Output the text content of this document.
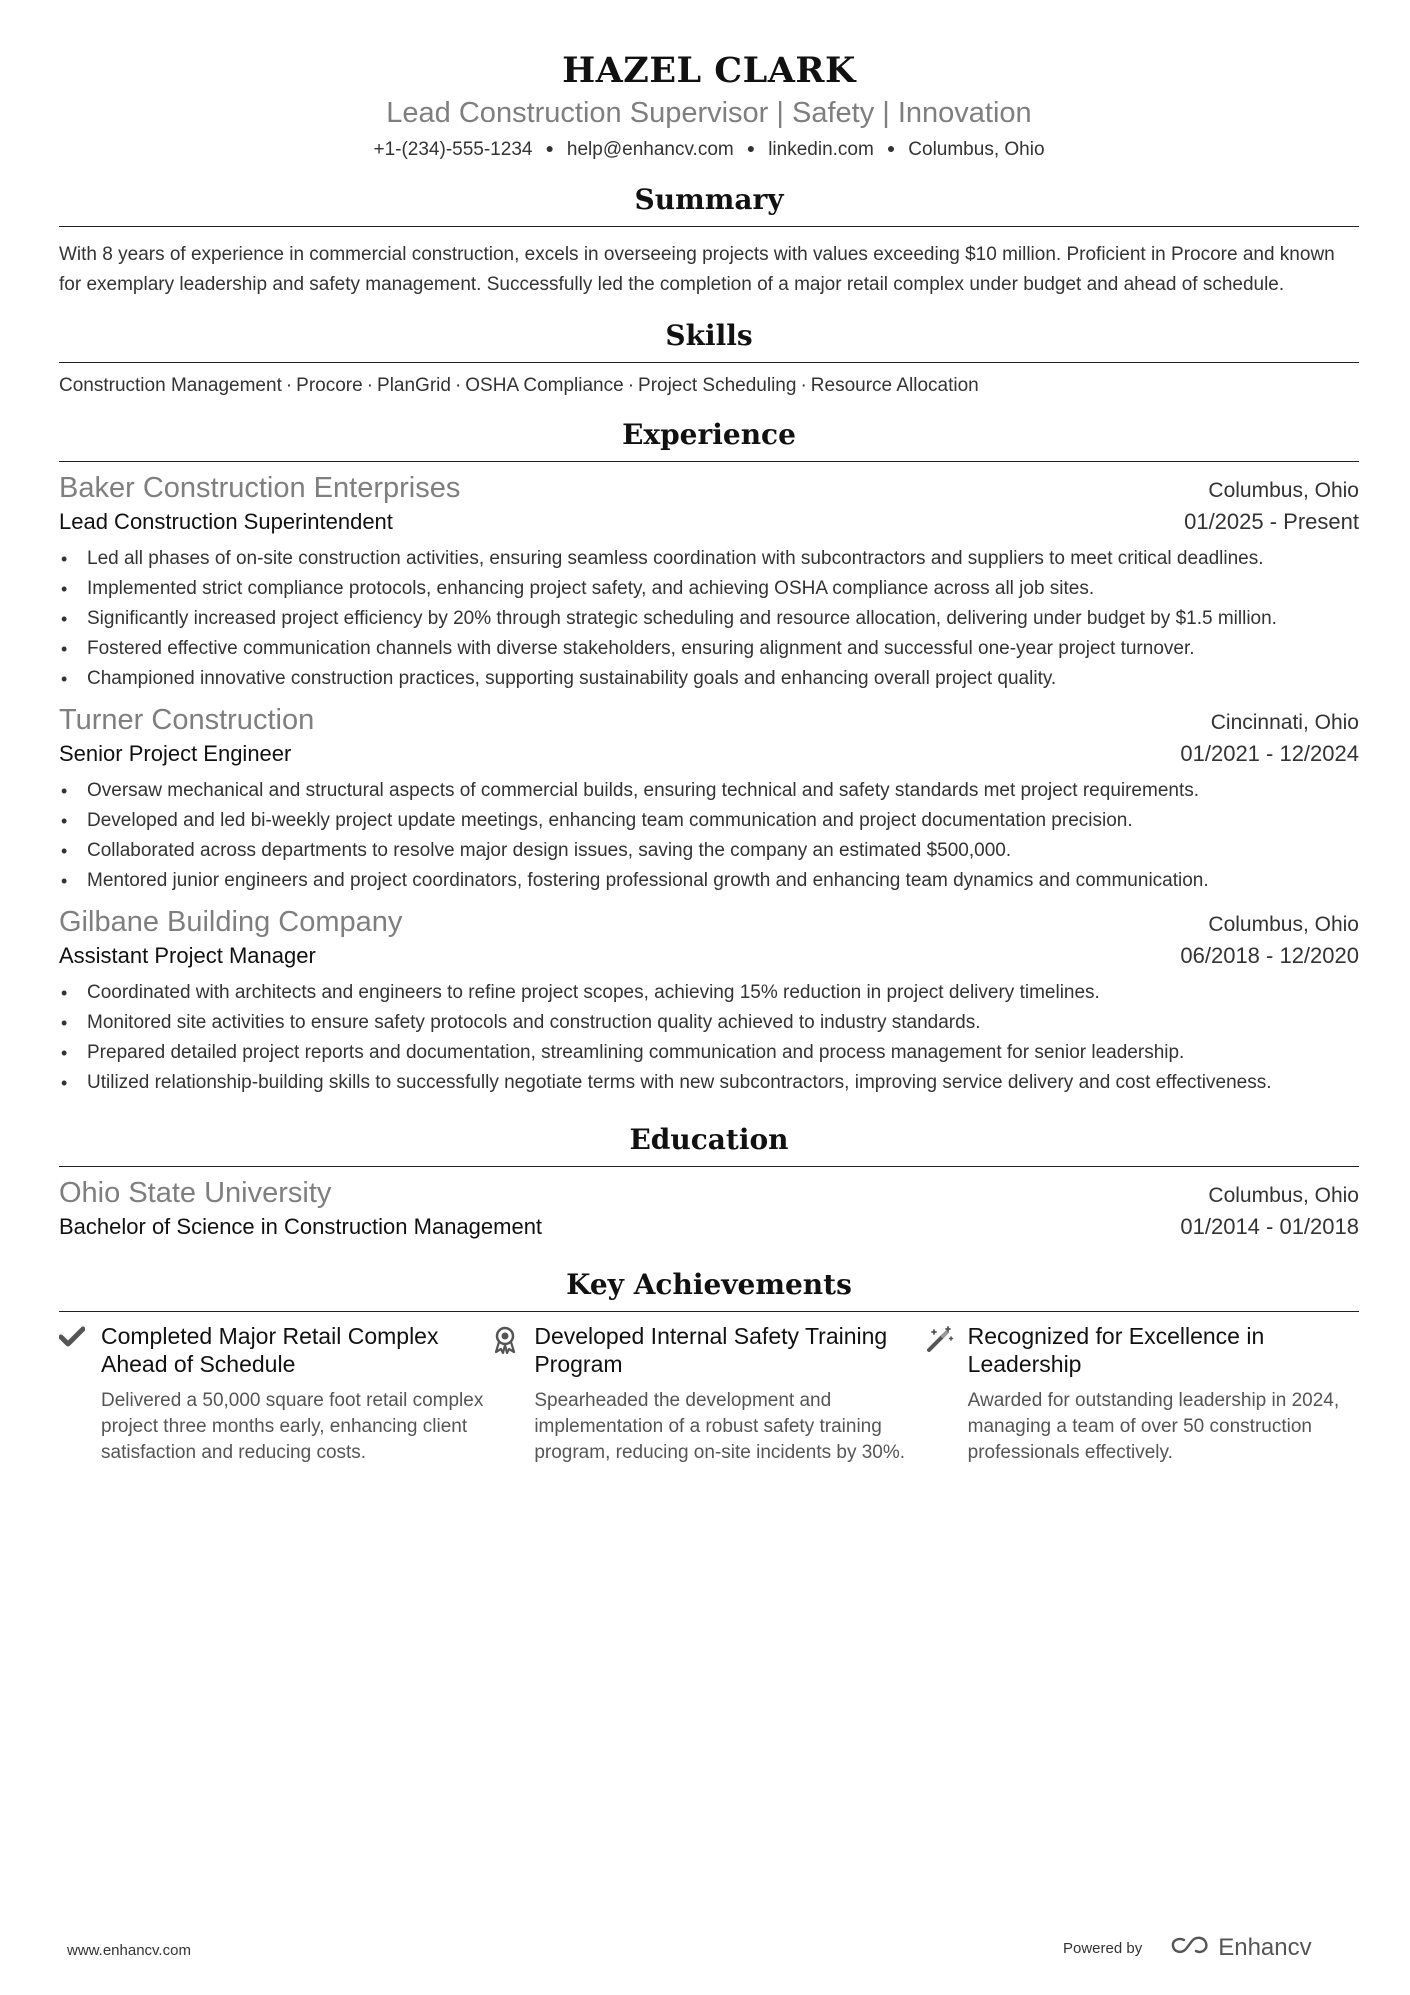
HAZEL CLARK
Lead Construction Supervisor | Safety | Innovation
+1-(234)-555-1234 ● help@enhancv.com ● linkedin.com ● Columbus, Ohio
Summary
With 8 years of experience in commercial construction, excels in overseeing projects with values exceeding $10 million. Proficient in Procore and known for exemplary leadership and safety management. Successfully led the completion of a major retail complex under budget and ahead of schedule.
Skills
Construction Management · Procore · PlanGrid · OSHA Compliance · Project Scheduling · Resource Allocation
Experience
Baker Construction Enterprises	Columbus, Ohio
Lead Construction Superintendent	01/2025 - Present
• Led all phases of on-site construction activities, ensuring seamless coordination with subcontractors and suppliers to meet critical deadlines.
• Implemented strict compliance protocols, enhancing project safety, and achieving OSHA compliance across all job sites.
• Significantly increased project efficiency by 20% through strategic scheduling and resource allocation, delivering under budget by $1.5 million.
• Fostered effective communication channels with diverse stakeholders, ensuring alignment and successful one-year project turnover.
• Championed innovative construction practices, supporting sustainability goals and enhancing overall project quality.
Turner Construction	Cincinnati, Ohio
Senior Project Engineer	01/2021 - 12/2024
• Oversaw mechanical and structural aspects of commercial builds, ensuring technical and safety standards met project requirements.
• Developed and led bi-weekly project update meetings, enhancing team communication and project documentation precision.
• Collaborated across departments to resolve major design issues, saving the company an estimated $500,000.
• Mentored junior engineers and project coordinators, fostering professional growth and enhancing team dynamics and communication.
Gilbane Building Company	Columbus, Ohio
Assistant Project Manager	06/2018 - 12/2020
• Coordinated with architects and engineers to refine project scopes, achieving 15% reduction in project delivery timelines.
• Monitored site activities to ensure safety protocols and construction quality achieved to industry standards.
• Prepared detailed project reports and documentation, streamlining communication and process management for senior leadership.
• Utilized relationship-building skills to successfully negotiate terms with new subcontractors, improving service delivery and cost effectiveness.
Education
Ohio State University	Columbus, Ohio
Bachelor of Science in Construction Management	01/2014 - 01/2018
Key Achievements
Completed Major Retail Complex Ahead of Schedule
Delivered a 50,000 square foot retail complex project three months early, enhancing client satisfaction and reducing costs.
Developed Internal Safety Training Program
Spearheaded the development and implementation of a robust safety training program, reducing on-site incidents by 30%.
Recognized for Excellence in Leadership
Awarded for outstanding leadership in 2024, managing a team of over 50 construction professionals effectively.
www.enhancv.com	Powered by	Enhancv
